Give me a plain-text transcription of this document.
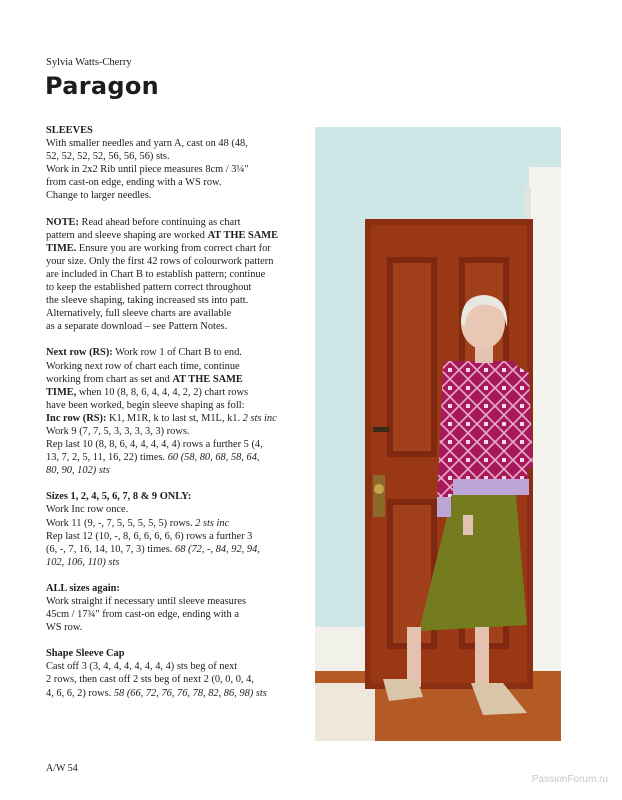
Sylvia Watts-Cherry
Paragon

SLEEVES

With smaller needles and yarn A, cast on 48 (48,

52, 52, 52, 52, 56, 56, 56) sts.

Work in 2x2 Rib until piece measures 8cm / 3¼"

from cast-on edge, ending with a WS row.

Change to larger needles.

NOTE: Read ahead before continuing as chart

pattern and sleeve shaping are worked AT THE SAME

TIME. Ensure you are working from correct chart for

your size. Only the first 42 rows of colourwork pattern

are included in Chart B to establish pattern; continue

to keep the established pattern correct throughout

the sleeve shaping, taking increased sts into patt.

Alternatively, full sleeve charts are available

as a separate download – see Pattern Notes.

Next row (RS): Work row 1 of Chart B to end.

Working next row of chart each time, continue

working from chart as set and AT THE SAME

TIME, when 10 (8, 8, 6, 4, 4, 4, 2, 2) chart rows

have been worked, begin sleeve shaping as foll:

Inc row (RS): K1, M1R, k to last st, M1L, k1. 2 sts inc

Work 9 (7, 7, 5, 3, 3, 3, 3, 3) rows.

Rep last 10 (8, 8, 6, 4, 4, 4, 4, 4) rows a further 5 (4,

13, 7, 2, 5, 11, 16, 22) times. 60 (58, 80, 68, 58, 64,

80, 90, 102) sts

Sizes 1, 2, 4, 5, 6, 7, 8 & 9 ONLY:

Work Inc row once.

Work 11 (9, -, 7, 5, 5, 5, 5, 5) rows. 2 sts inc

Rep last 12 (10, -, 8, 6, 6, 6, 6, 6) rows a further 3

(6, -, 7, 16, 14, 10, 7, 3) times. 68 (72, -, 84, 92, 94,

102, 106, 110) sts

ALL sizes again:

Work straight if necessary until sleeve measures

45cm / 17¾" from cast-on edge, ending with a

WS row.

Shape Sleeve Cap

Cast off 3 (3, 4, 4, 4, 4, 4, 4, 4) sts beg of next

2 rows, then cast off 2 sts beg of next 2 (0, 0, 0, 4,

4, 6, 6, 2) rows. 58 (66, 72, 76, 76, 78, 82, 86, 98) sts

A/W 54
PassionForum.ru
